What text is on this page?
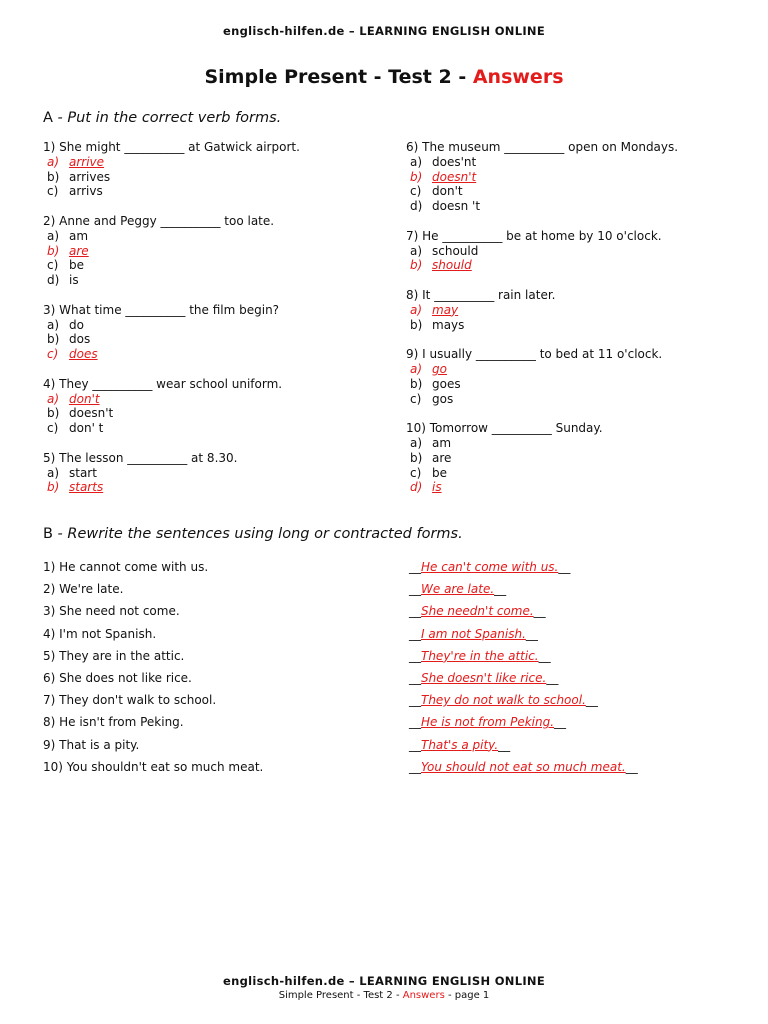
englisch-hilfen.de – LEARNING ENGLISH ONLINE
Simple Present - Test 2 - Answers
A - Put in the correct verb forms.
1) She might __________ at Gatwick airport.
a) arrive
b) arrives
c) arrivs
2) Anne and Peggy __________ too late.
a) am
b) are
c) be
d) is
3) What time __________ the film begin?
a) do
b) dos
c) does
4) They __________ wear school uniform.
a) don't
b) doesn't
c) don' t
5) The lesson __________ at 8.30.
a) start
b) starts
6) The museum __________ open on Mondays.
a) does'nt
b) doesn't
c) don't
d) doesn 't
7) He __________ be at home by 10 o'clock.
a) schould
b) should
8) It __________ rain later.
a) may
b) mays
9) I usually __________ to bed at 11 o'clock.
a) go
b) goes
c) gos
10) Tomorrow __________ Sunday.
a) am
b) are
c) be
d) is
B - Rewrite the sentences using long or contracted forms.
1) He cannot come with us.	__He can't come with us.__
2) We're late.	__We are late.__
3) She need not come.	__She needn't come.__
4) I'm not Spanish.	__I am not Spanish.__
5) They are in the attic.	__They're in the attic.__
6) She does not like rice.	__She doesn't like rice.__
7) They don't walk to school.	__They do not walk to school.__
8) He isn't from Peking.	__He is not from Peking.__
9) That is a pity.	__That's a pity.__
10) You shouldn't eat so much meat.	__You should not eat so much meat.__
englisch-hilfen.de – LEARNING ENGLISH ONLINE
Simple Present - Test 2 - Answers - page 1
